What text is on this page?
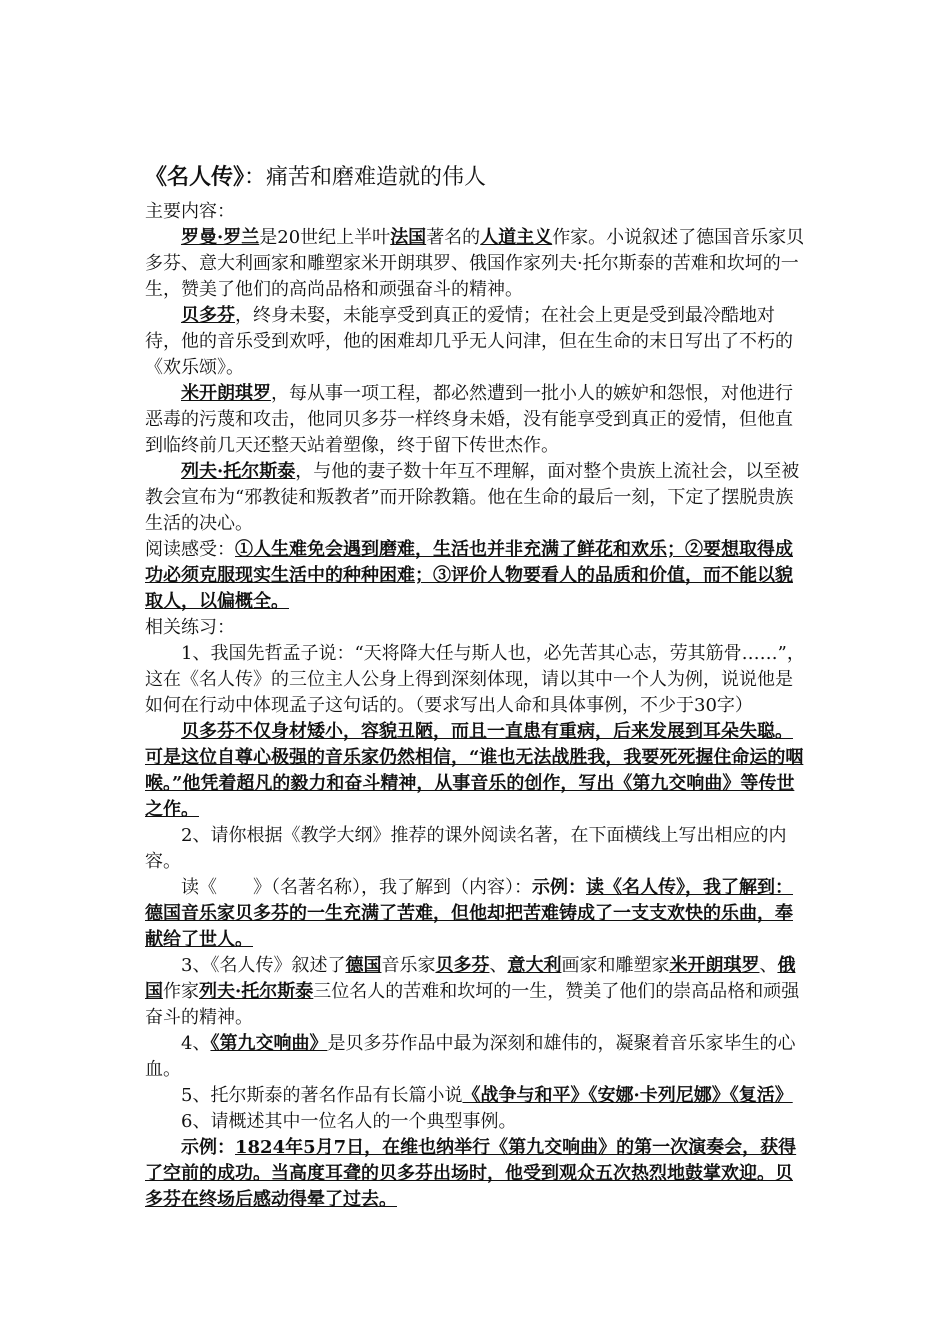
《名人传》：痛苦和磨难造就的伟人

主要内容：

罗曼·罗兰是20世纪上半叶法国著名的人道主义作家。小说叙述了德国音乐家贝多芬、意大利画家和雕塑家米开朗琪罗、俄国作家列夫·托尔斯泰的苦难和坎坷的一生，赞美了他们的高尚品格和顽强奋斗的精神。

贝多芬，终身未娶，未能享受到真正的爱情；在社会上更是受到最冷酷地对待，他的音乐受到欢呼，他的困难却几乎无人问津，但在生命的末日写出了不朽的《欢乐颂》。

米开朗琪罗，每从事一项工程，都必然遭到一批小人的嫉妒和怨恨，对他进行恶毒的污蔑和攻击，他同贝多芬一样终身未婚，没有能享受到真正的爱情，但他直到临终前几天还整天站着塑像，终于留下传世杰作。

列夫·托尔斯泰，与他的妻子数十年互不理解，面对整个贵族上流社会，以至被教会宣布为“邪教徒和叛教者”而开除教籍。他在生命的最后一刻，下定了摆脱贵族生活的决心。

阅读感受：①人生难免会遇到磨难，生活也并非充满了鲜花和欢乐；②要想取得成功必须克服现实生活中的种种困难；③评价人物要看人的品质和价值，而不能以貌取人，以偏概全。

相关练习：

1、我国先哲孟子说：“天将降大任与斯人也，必先苦其心志，劳其筋骨……”，这在《名人传》的三位主人公身上得到深刻体现，请以其中一个人为例，说说他是如何在行动中体现孟子这句话的。（要求写出人命和具体事例，不少于30字）

贝多芬不仅身材矮小，容貌丑陋，而且一直患有重病，后来发展到耳朵失聪。可是这位自尊心极强的音乐家仍然相信，“谁也无法战胜我，我要死死握住命运的咽喉。”他凭着超凡的毅力和奋斗精神，从事音乐的创作，写出《第九交响曲》等传世之作。

2、请你根据《教学大纲》推荐的课外阅读名著，在下面横线上写出相应的内容。

读《　　》（名著名称），我了解到（内容）：示例：读《名人传》，我了解到：德国音乐家贝多芬的一生充满了苦难，但他却把苦难铸成了一支支欢快的乐曲，奉献给了世人。

3、《名人传》叙述了德国音乐家贝多芬、意大利画家和雕塑家米开朗琪罗、俄国作家列夫·托尔斯泰三位名人的苦难和坎坷的一生，赞美了他们的崇高品格和顽强奋斗的精神。

4、《第九交响曲》是贝多芬作品中最为深刻和雄伟的，凝聚着音乐家毕生的心血。

5、托尔斯泰的著名作品有长篇小说《战争与和平》《安娜·卡列尼娜》《复活》

6、请概述其中一位名人的一个典型事例。

示例：1824年5月7日，在维也纳举行《第九交响曲》的第一次演奏会，获得了空前的成功。当高度耳聋的贝多芬出场时，他受到观众五次热烈地鼓掌欢迎。贝多芬在终场后感动得晕了过去。
